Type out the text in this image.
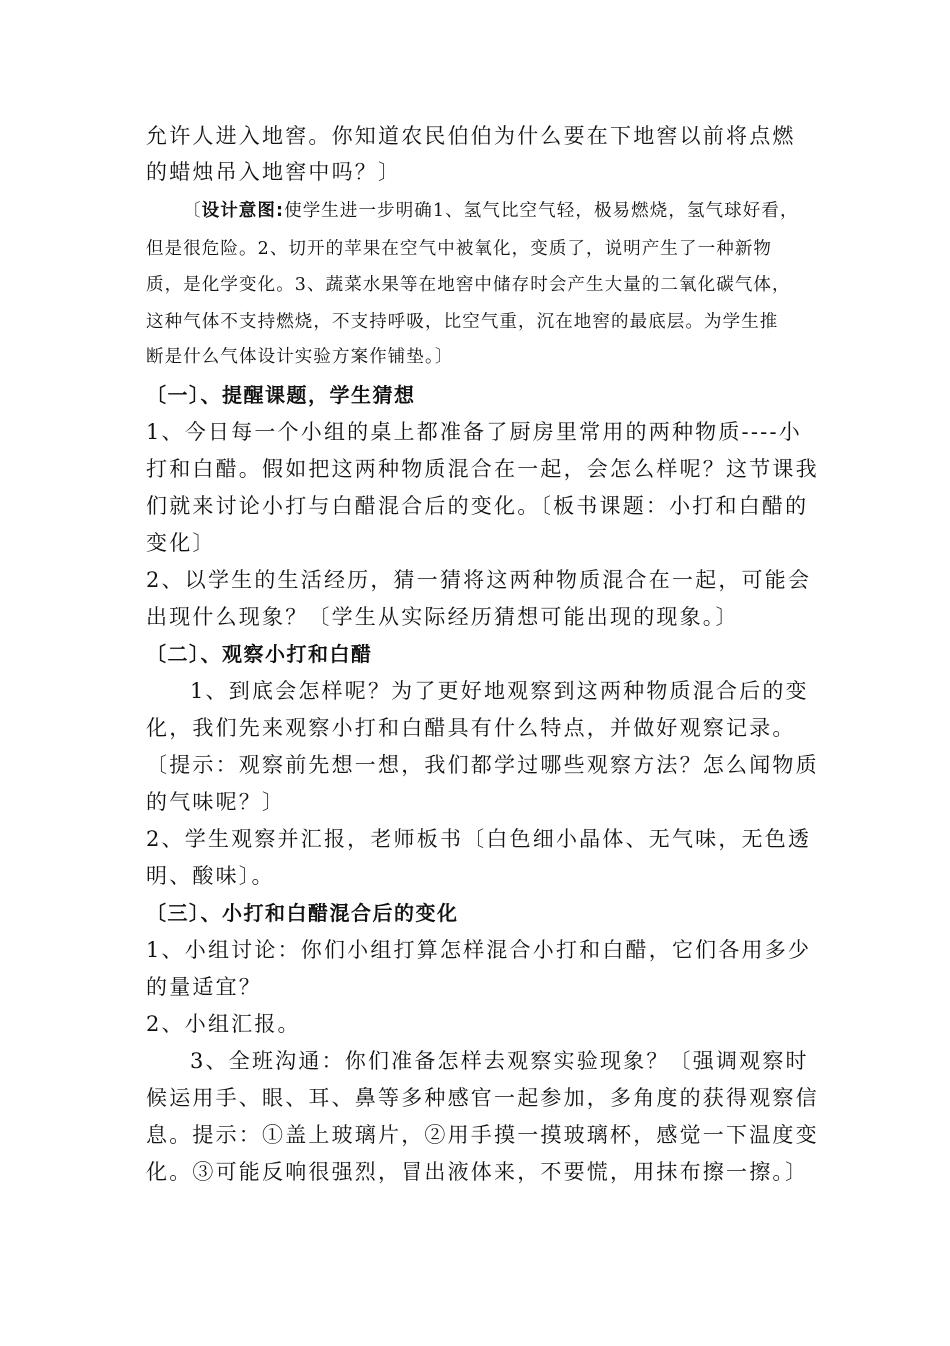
允许人进入地窖。你知道农民伯伯为什么要在下地窖以前将点燃
的蜡烛吊入地窖中吗？〕
〔设计意图:使学生进一步明确1、氢气比空气轻，极易燃烧，氢气球好看，
但是很危险。2、切开的苹果在空气中被氧化，变质了，说明产生了一种新物
质，是化学变化。3、蔬菜水果等在地窖中储存时会产生大量的二氧化碳气体，
这种气体不支持燃烧，不支持呼吸，比空气重，沉在地窖的最底层。为学生推
断是什么气体设计实验方案作铺垫。〕
〔一〕、提醒课题，学生猜想
1、今日每一个小组的桌上都准备了厨房里常用的两种物质----小
打和白醋。假如把这两种物质混合在一起，会怎么样呢？这节课我
们就来讨论小打与白醋混合后的变化。〔板书课题：小打和白醋的
变化〕
2、以学生的生活经历，猜一猜将这两种物质混合在一起，可能会
出现什么现象？〔学生从实际经历猜想可能出现的现象。〕
〔二〕、观察小打和白醋
1、到底会怎样呢？为了更好地观察到这两种物质混合后的变
化，我们先来观察小打和白醋具有什么特点，并做好观察记录。
〔提示：观察前先想一想，我们都学过哪些观察方法？怎么闻物质
的气味呢？〕
2、学生观察并汇报，老师板书〔白色细小晶体、无气味，无色透
明、酸味〕。
〔三〕、小打和白醋混合后的变化
1、小组讨论：你们小组打算怎样混合小打和白醋，它们各用多少
的量适宜？
2、小组汇报。
3、全班沟通：你们准备怎样去观察实验现象？〔强调观察时
候运用手、眼、耳、鼻等多种感官一起参加，多角度的获得观察信
息。提示：①盖上玻璃片，②用手摸一摸玻璃杯，感觉一下温度变
化。③可能反响很强烈，冒出液体来，不要慌，用抹布擦一擦。〕
